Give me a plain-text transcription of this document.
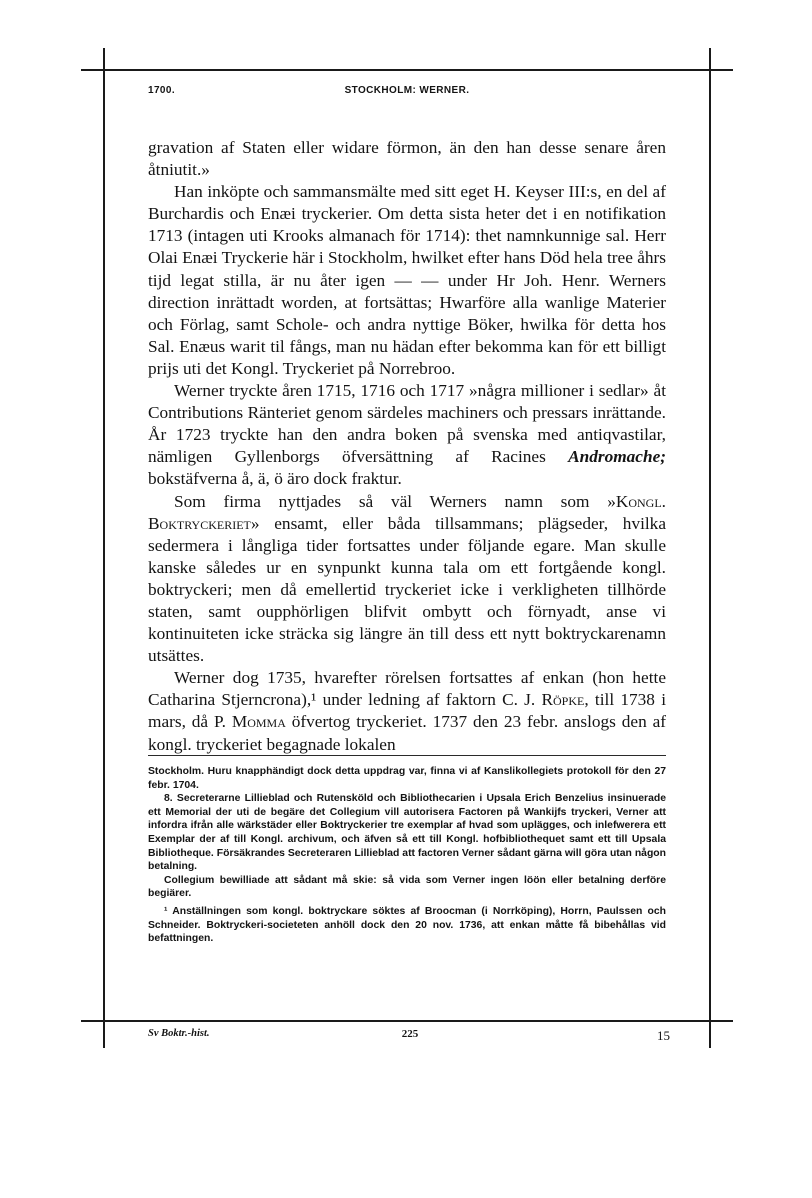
1700.	STOCKHOLM: WERNER.

gravation af Staten eller widare förmon, än den han desse senare åren åtniutit.»

Han inköpte och sammansmälte med sitt eget H. Keyser III:s, en del af Burchardis och Enæi tryckerier. Om detta sista heter det i en notifikation 1713 (intagen uti Krooks almanach för 1714): thet namnkunnige sal. Herr Olai Enæi Tryckerie här i Stockholm, hwilket efter hans Död hela tree åhrs tijd legat stilla, är nu åter igen — — under Hr Joh. Henr. Werners direction inrättadt worden, at fortsättas; Hwarföre alla wanlige Materier och Förlag, samt Schole- och andra nyttige Böker, hwilka för detta hos Sal. Enæus warit til fångs, man nu hädan efter bekomma kan för ett billigt prijs uti det Kongl. Tryckeriet på Norrebroo.

Werner tryckte åren 1715, 1716 och 1717 »några millioner i sedlar» åt Contributions Ränteriet genom särdeles machiners och pressars inrättande. År 1723 tryckte han den andra boken på svenska med antiqvastilar, nämligen Gyllenborgs öfversättning af Racines Andromache; bokstäfverna å, ä, ö äro dock fraktur.

Som firma nyttjades så väl Werners namn som »Kongl. Boktryckeriet» ensamt, eller båda tillsammans; plägseder, hvilka sedermera i långliga tider fortsattes under följande egare. Man skulle kanske således ur en synpunkt kunna tala om ett fortgående kongl. boktryckeri; men då emellertid tryckeriet icke i verkligheten tillhörde staten, samt oupphörligen blifvit ombytt och förnyadt, anse vi kontinuiteten icke sträcka sig längre än till dess ett nytt boktryckarenamn utsättes.

Werner dog 1735, hvarefter rörelsen fortsattes af enkan (hon hette Catharina Stjerncrona),¹ under ledning af faktorn C. J. Röpke, till 1738 i mars, då P. Momma öfvertog tryckeriet. 1737 den 23 febr. anslogs den af kongl. tryckeriet begagnade lokalen

Stockholm. Huru knapphändigt dock detta uppdrag var, finna vi af Kanslikollegiets protokoll för den 27 febr. 1704.

8. Secreterarne Lillieblad och Rutensköld och Bibliothecarien i Upsala Erich Benzelius insinuerade ett Memorial der uti de begäre det Collegium vill autorisera Factoren på Wankijfs tryckeri, Verner att infordra ifrån alle wärkstäder eller Boktryckerier tre exemplar af hvad som uplägges, och inlefwerera ett Exemplar der af till Kongl. archivum, och äfven så ett till Kongl. hofbibliothequet samt ett till Upsala Bibliotheque. Försäkrandes Secreteraren Lillieblad att factoren Verner sådant gärna will göra utan någon betalning.

Collegium bewilliade att sådant må skie: så vida som Verner ingen löön eller betalning derföre begiärer.

¹ Anställningen som kongl. boktryckare söktes af Broocman (i Norrköping), Horrn, Paulssen och Schneider. Boktryckeri-societeten anhöll dock den 20 nov. 1736, att enkan måtte få bibehållas vid befattningen.

Sv Boktr.-hist.	225	15
